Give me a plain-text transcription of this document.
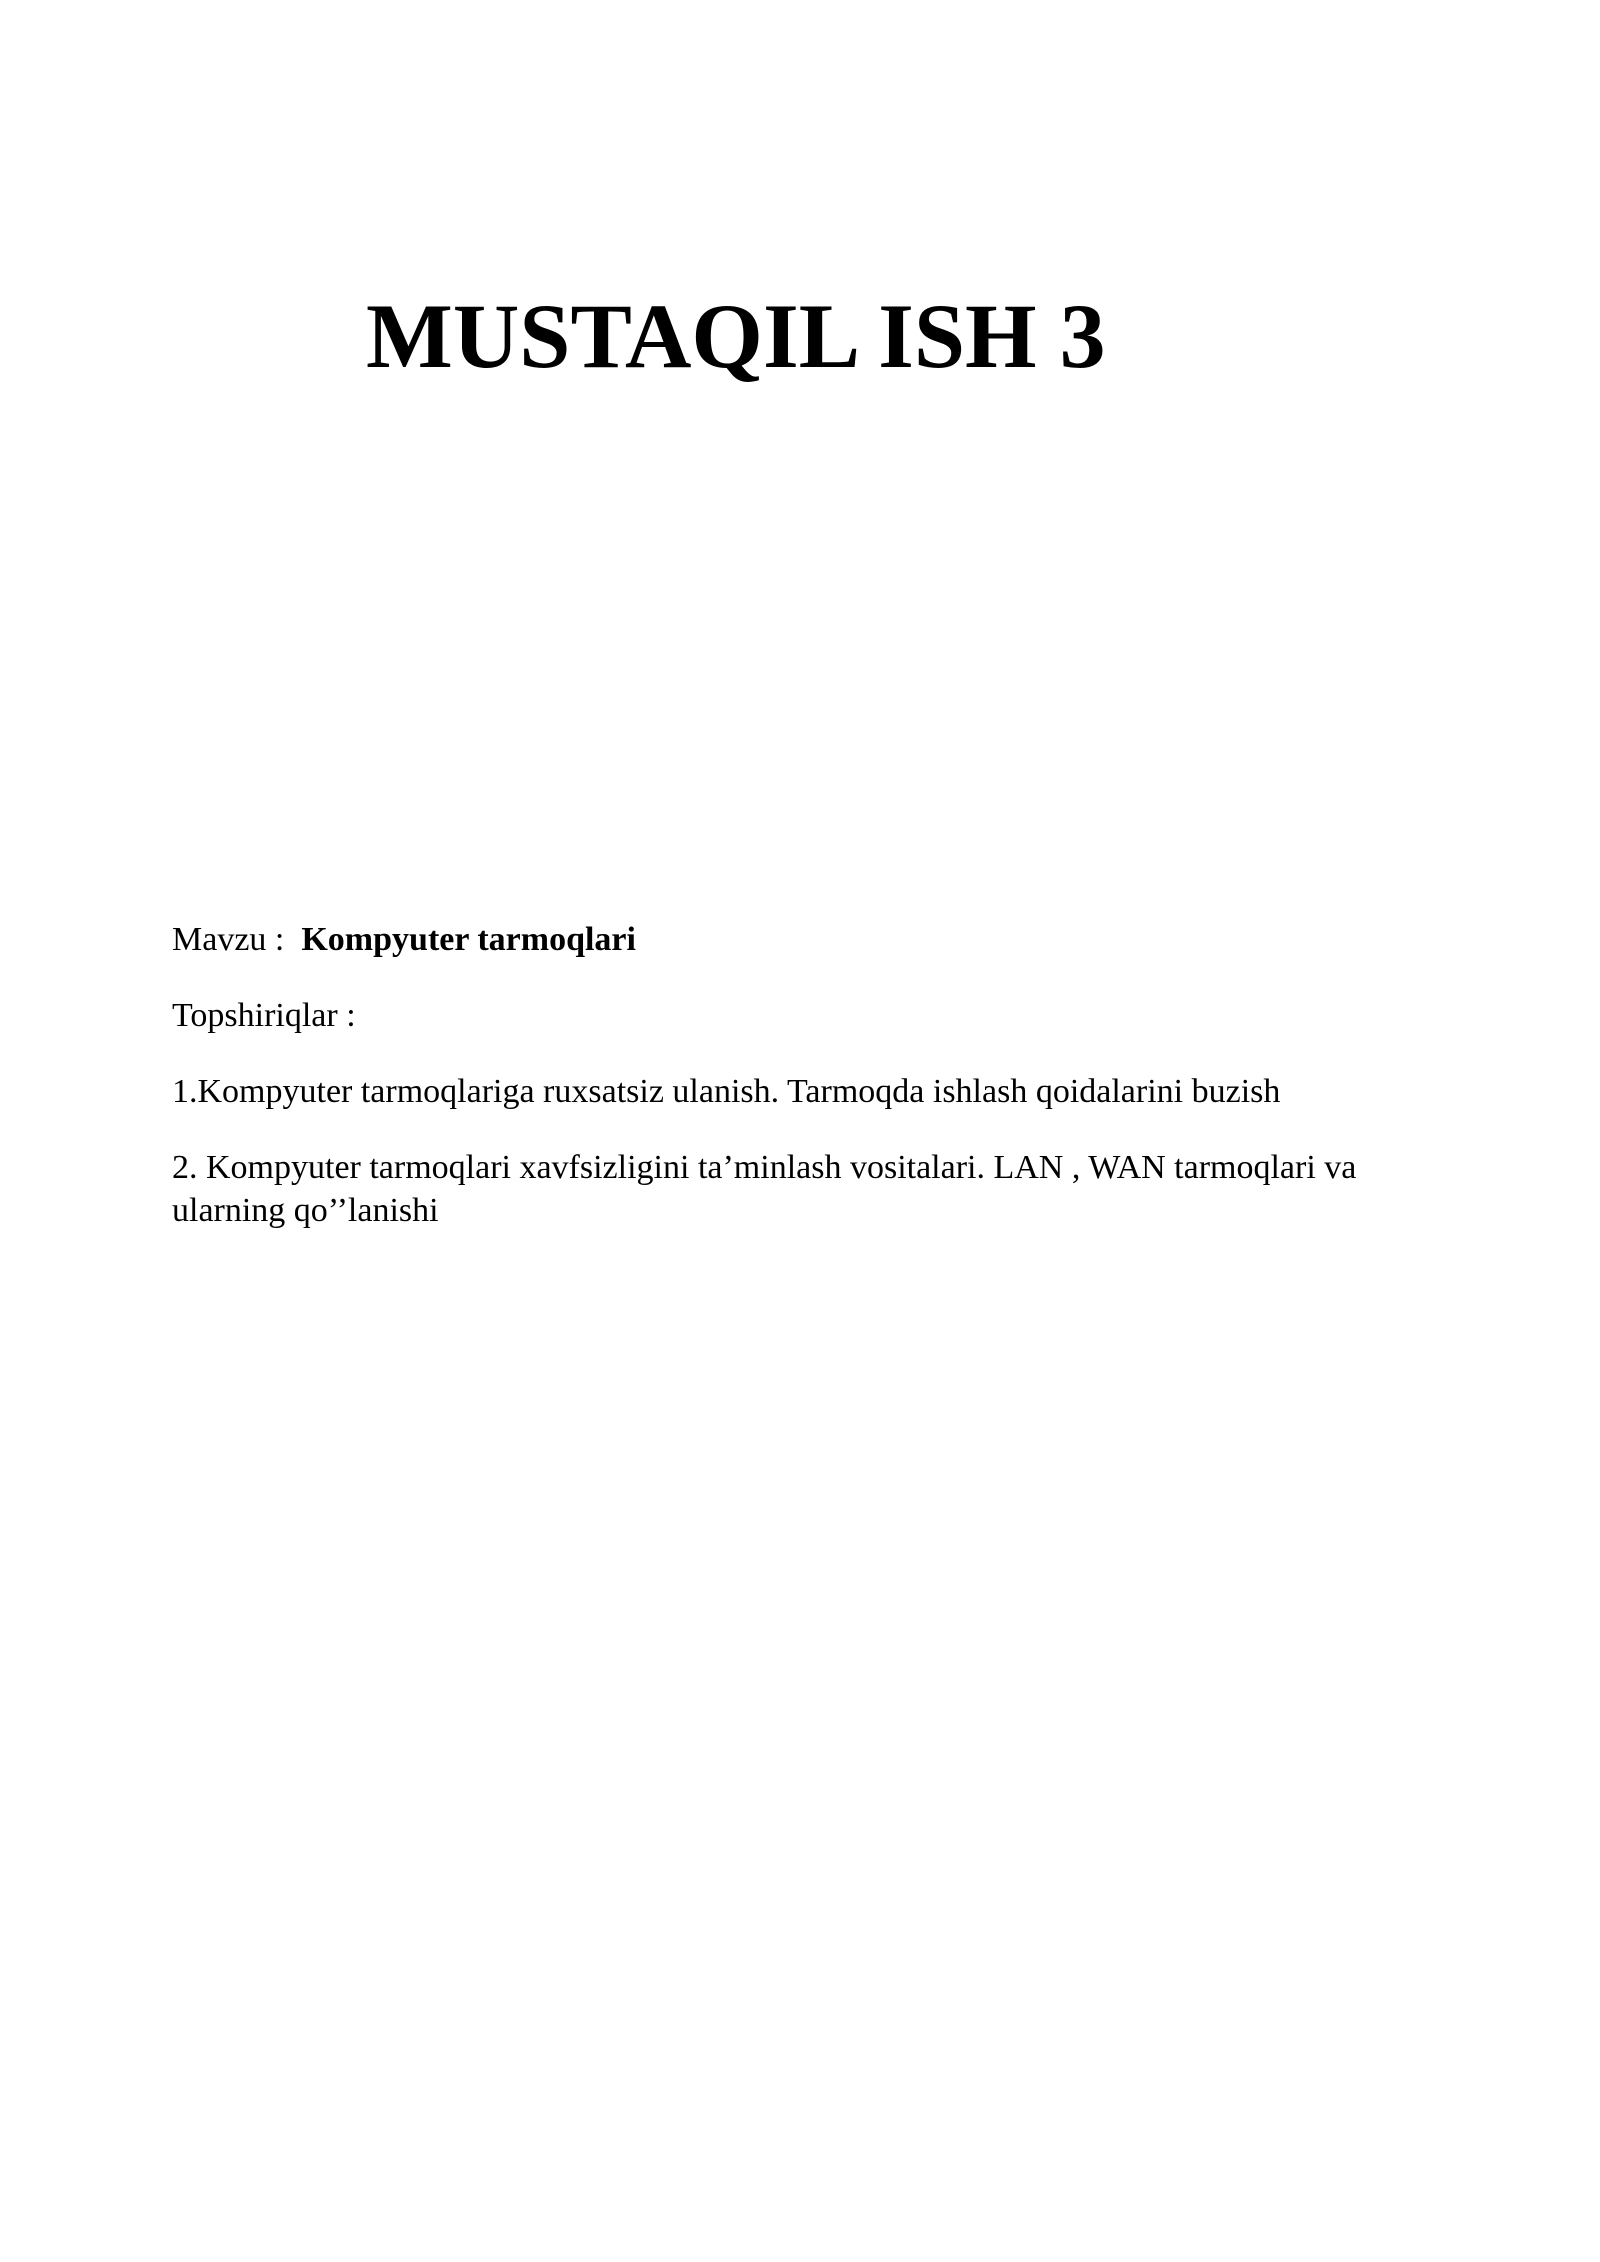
MUSTAQIL ISH 3

Mavzu : Kompyuter tarmoqlari

Topshiriqlar :

1.Kompyuter tarmoqlariga ruxsatsiz ulanish. Tarmoqda ishlash qoidalarini buzish

2. Kompyuter tarmoqlari xavfsizligini ta’minlash vositalari. LAN , WAN tarmoqlari va ularning qo’’lanishi
